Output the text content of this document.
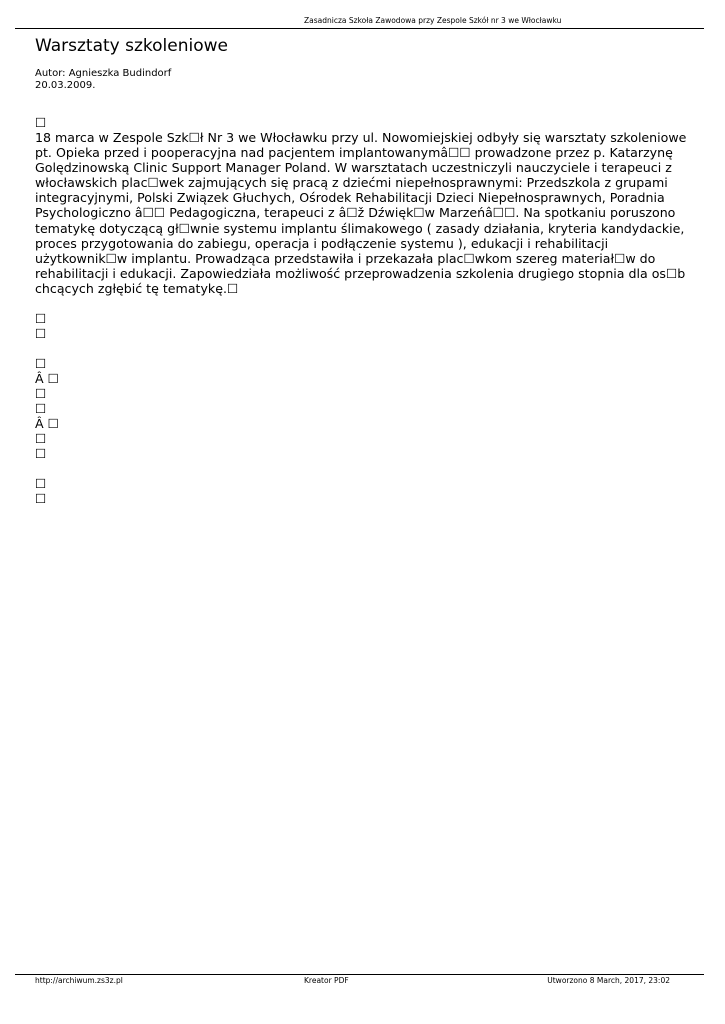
Zasadnicza Szkoła Zawodowa przy Zespole Szkół nr 3 we Włocławku
Warsztaty szkoleniowe
Autor: Agnieszka Budindorf
20.03.2009.
☐

18 marca w Zespole Szk☐ł Nr 3 we Włocławku przy ul. Nowomiejskiej odbyły się warsztaty szkoleniowe pt. Opieka przed i pooperacyjna nad pacjentem implantowanymâ☐☐ prowadzone przez p. Katarzynę Golędzinowską Clinic Support Manager Poland. W warsztatach uczestniczyli nauczyciele i terapeuci z włocławskich plac☐wek zajmujących się pracą z dziećmi niepełnosprawnymi: Przedszkola z grupami integracyjnymi, Polski Związek Głuchych, Ośrodek Rehabilitacji Dzieci Niepełnosprawnych, Poradnia Psychologiczno â☐☐ Pedagogiczna, terapeuci z â☐ž Dźwięk☐w Marzeńâ☐☐. Na spotkaniu poruszono tematykę dotyczącą gł☐wnie systemu implantu ślimakowego ( zasady działania, kryteria kandydackie, proces przygotowania do zabiegu, operacja i podłączenie systemu ), edukacji i rehabilitacji użytkownik☐w implantu. Prowadząca przedstawiła i przekazała plac☐wkom szereg materiał☐w do rehabilitacji i edukacji. Zapowiedziała możliwość przeprowadzenia szkolenia drugiego stopnia dla os☐b chcących zgłębić tę tematykę.☐

☐
☐
☐
Â ☐
☐
☐
Â ☐
☐
☐
☐
☐
http://archiwum.zs3z.pl	Kreator PDF	Utworzono 8 March, 2017, 23:02
